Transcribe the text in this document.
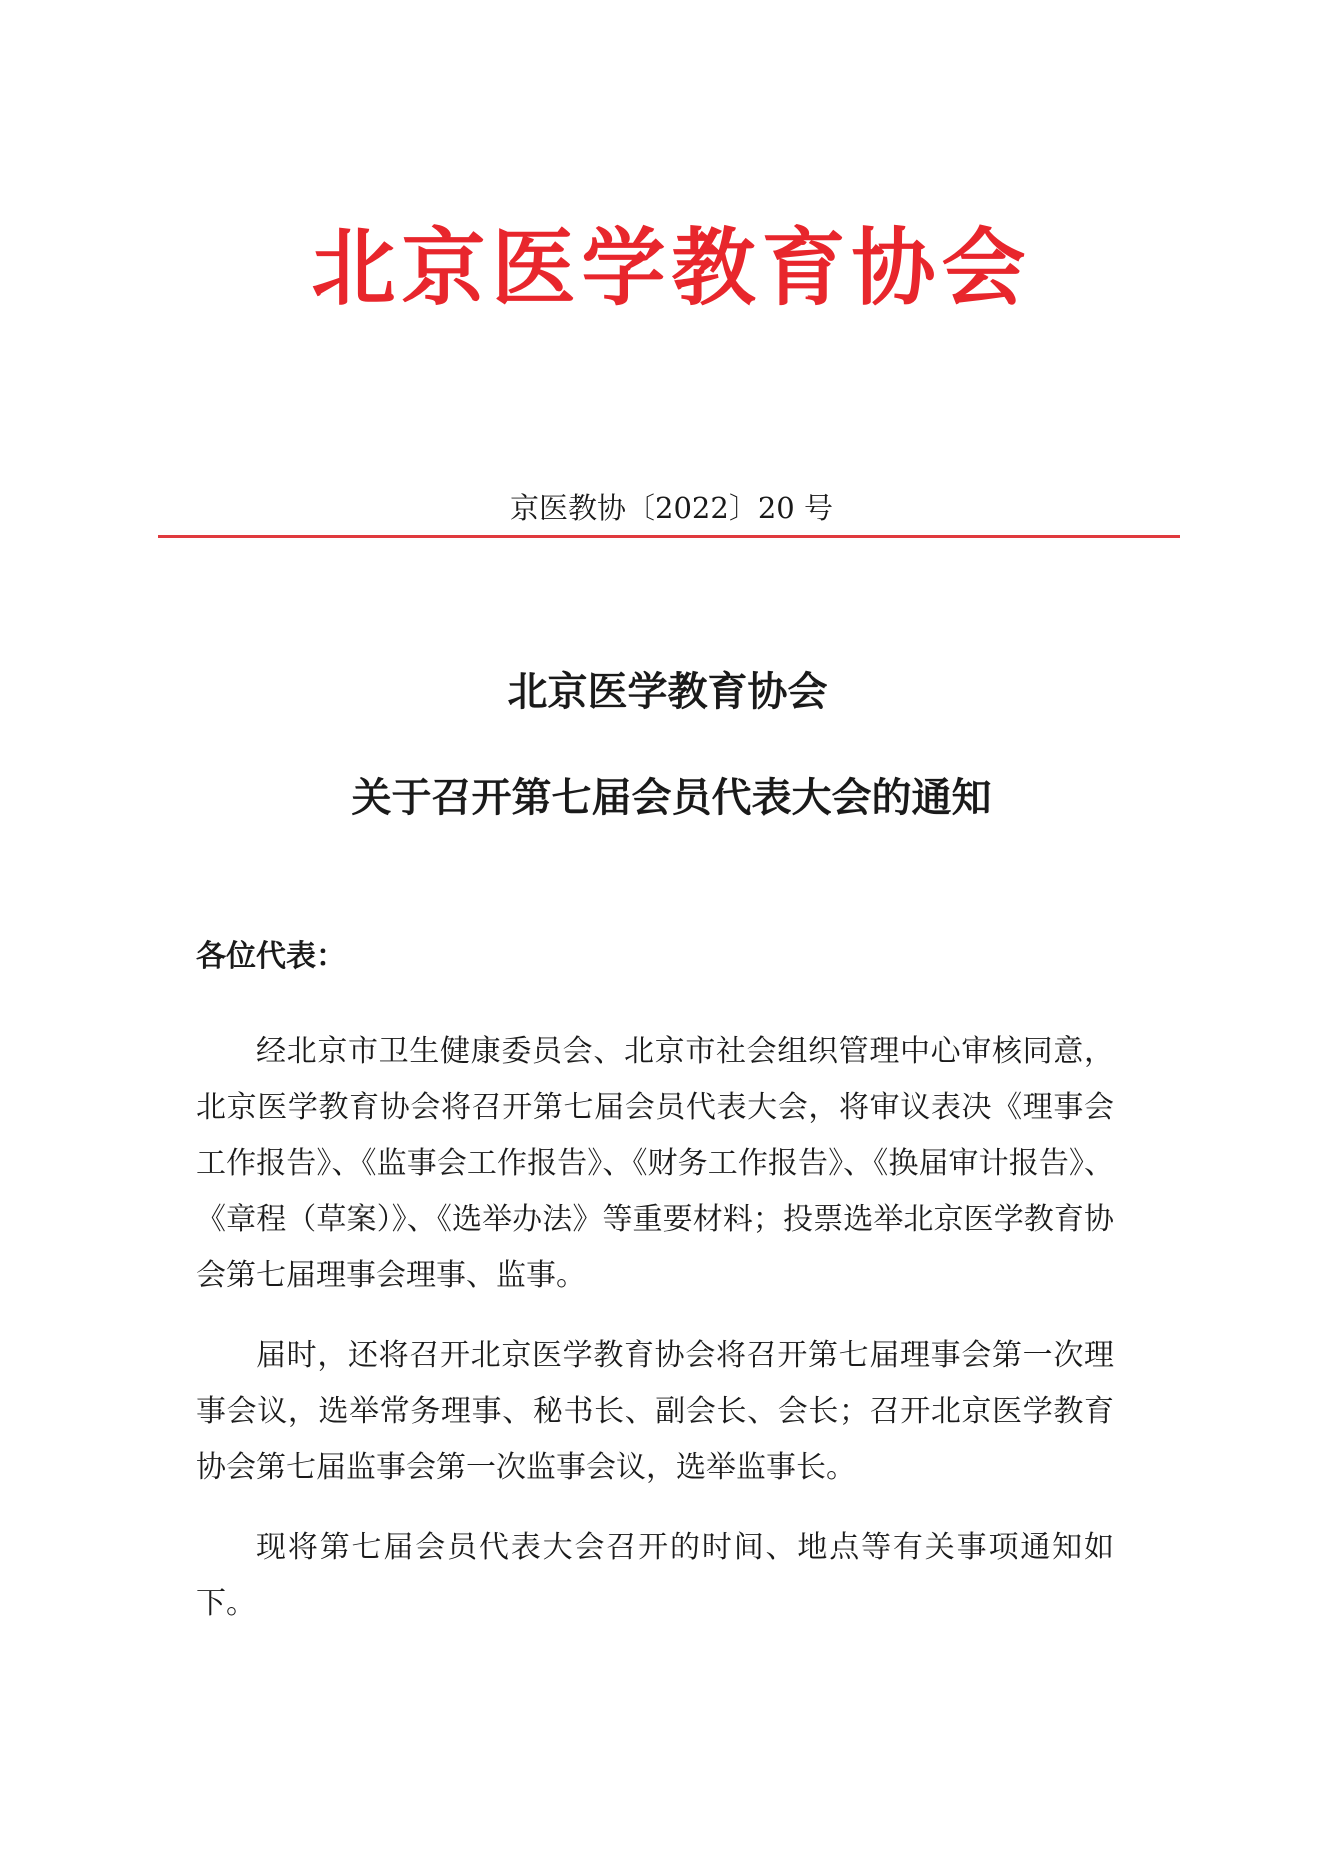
北京医学教育协会
京医教协〔2022〕20 号
北京医学教育协会
关于召开第七届会员代表大会的通知
各位代表：

经北京市卫生健康委员会、北京市社会组织管理中心审核同意，北京医学教育协会将召开第七届会员代表大会，将审议表决《理事会工作报告》、《监事会工作报告》、《财务工作报告》、《换届审计报告》、《章程（草案）》、《选举办法》等重要材料；投票选举北京医学教育协会第七届理事会理事、监事。

届时，还将召开北京医学教育协会将召开第七届理事会第一次理事会议，选举常务理事、秘书长、副会长、会长；召开北京医学教育协会第七届监事会第一次监事会议，选举监事长。

现将第七届会员代表大会召开的时间、地点等有关事项通知如下。
